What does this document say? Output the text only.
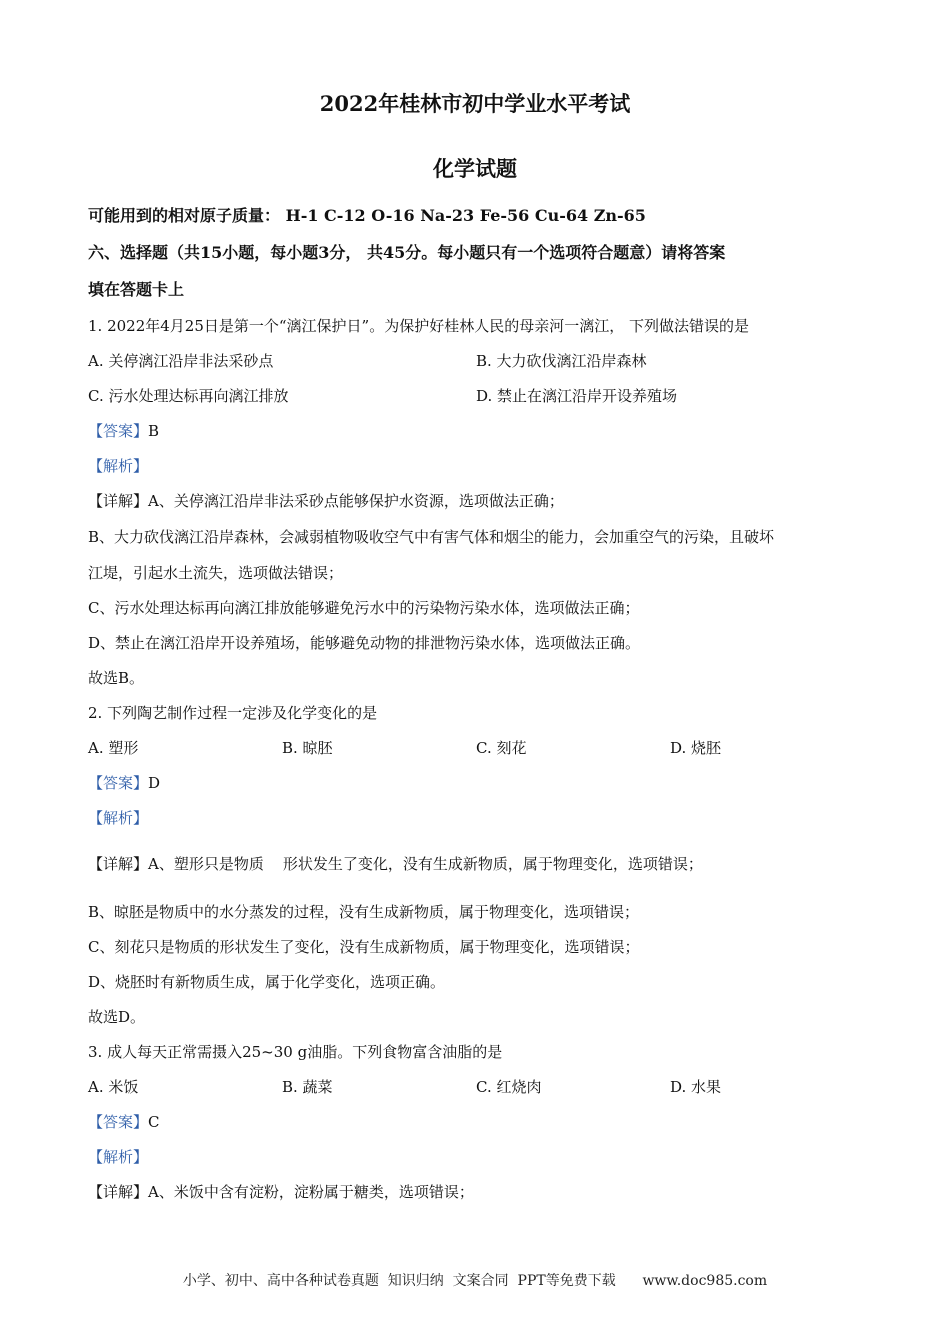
2022年桂林市初中学业水平考试
化学试题
可能用到的相对原子质量： H-1 C-12 O-16 Na-23 Fe-56 Cu-64 Zn-65
六、选择题（共15小题，每小题3分， 共45分。每小题只有一个选项符合题意）请将答案
填在答题卡上
1. 2022年4月25日是第一个“漓江保护日”。为保护好桂林人民的母亲河一漓江， 下列做法错误的是
A. 关停漓江沿岸非法采砂点	B. 大力砍伐漓江沿岸森林
C. 污水处理达标再向漓江排放	D. 禁止在漓江沿岸开设养殖场
【答案】B
【解析】
【详解】A、关停漓江沿岸非法采砂点能够保护水资源，选项做法正确；
B、大力砍伐漓江沿岸森林，会减弱植物吸收空气中有害气体和烟尘的能力，会加重空气的污染，且破坏
江堤，引起水土流失，选项做法错误；
C、污水处理达标再向漓江排放能够避免污水中的污染物污染水体，选项做法正确；
D、禁止在漓江沿岸开设养殖场，能够避免动物的排泄物污染水体，选项做法正确。
故选B。
2. 下列陶艺制作过程一定涉及化学变化的是
A. 塑形	B. 晾胚	C. 刻花	D. 烧胚
【答案】D
【解析】
【详解】A、塑形只是物质    形状发生了变化，没有生成新物质，属于物理变化，选项错误；
B、晾胚是物质中的水分蒸发的过程，没有生成新物质，属于物理变化，选项错误；
C、刻花只是物质的形状发生了变化，没有生成新物质，属于物理变化，选项错误；
D、烧胚时有新物质生成，属于化学变化，选项正确。
故选D。
3. 成人每天正常需摄入25~30 g油脂。下列食物富含油脂的是
A. 米饭	B. 蔬菜	C. 红烧肉	D. 水果
【答案】C
【解析】
【详解】A、米饭中含有淀粉，淀粉属于糖类，选项错误；
小学、初中、高中各种试卷真题  知识归纳  文案合同  PPT等免费下载      www.doc985.com
